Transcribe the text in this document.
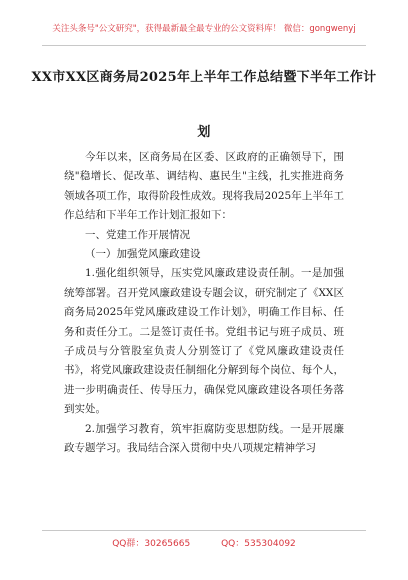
关注头条号"公文研究"，获得最新最全最专业的公文资料库！ 微信：gongwenyj
XX市XX区商务局2025年上半年工作总结暨下半年工作计
划

今年以来，区商务局在区委、区政府的正确领导下，围绕"稳增长、促改革、调结构、惠民生"主线，扎实推进商务领域各项工作，取得阶段性成效。现将我局2025年上半年工作总结和下半年工作计划汇报如下：

一、党建工作开展情况

（一）加强党风廉政建设

1.强化组织领导，压实党风廉政建设责任制。一是加强统筹部署。召开党风廉政建设专题会议，研究制定了《XX区商务局2025年党风廉政建设工作计划》，明确工作目标、任务和责任分工。二是签订责任书。党组书记与班子成员、班子成员与分管股室负责人分别签订了《党风廉政建设责任书》，将党风廉政建设责任制细化分解到每个岗位、每个人，进一步明确责任、传导压力，确保党风廉政建设各项任务落到实处。

2.加强学习教育，筑牢拒腐防变思想防线。一是开展廉政专题学习。我局结合深入贯彻中央八项规定精神学习

QQ群：30265665	QQ：535304092
